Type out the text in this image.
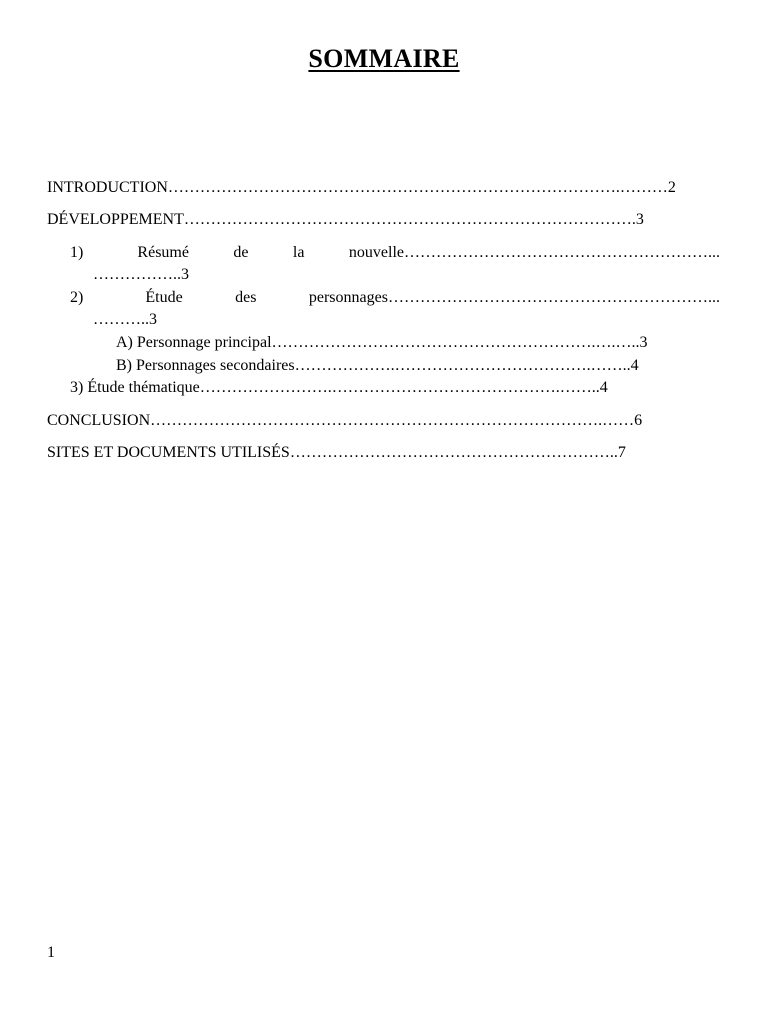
SOMMAIRE
INTRODUCTION………………………………………………………………………….………2
DÉVELOPPEMENT………………………………………………………………………….3
1)	Résumé	de	la	nouvelle…………………………………………………...
……………..3
2)	Étude	des	personnages……………………………………………………...
………..3
A) Personnage principal…………………………………………………….….…..3
B) Personnages secondaires……………….……………………………….……..4
3) Étude thématique…………………….…………………………………….……..4
CONCLUSION………………………………………………………………………….……6
SITES ET DOCUMENTS UTILISÉS……………………………………………………..7
1
